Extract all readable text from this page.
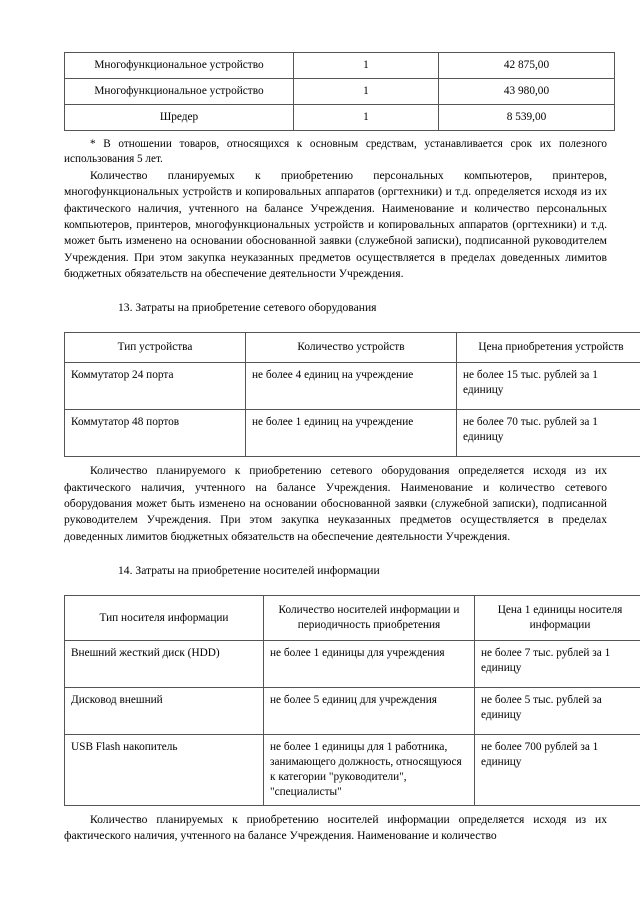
Многофункциональное устройство	1	42 875,00
Многофункциональное устройство	1	43 980,00
Шредер	1	8 539,00

* В отношении товаров, относящихся к основным средствам, устанавливается срок их полезного использования 5 лет.

Количество планируемых к приобретению персональных компьютеров, принтеров, многофункциональных устройств и копировальных аппаратов (оргтехники) и т.д. определяется исходя из их фактического наличия, учтенного на балансе Учреждения. Наименование и количество персональных компьютеров, принтеров, многофункциональных устройств и копировальных аппаратов (оргтехники) и т.д. может быть изменено на основании обоснованной заявки (служебной записки), подписанной руководителем Учреждения. При этом закупка неуказанных предметов осуществляется в пределах доведенных лимитов бюджетных обязательств на обеспечение деятельности Учреждения.

13. Затраты на приобретение сетевого оборудования
Тип устройства	Количество устройств	Цена приобретения устройств
Коммутатор 24 порта	не более 4 единиц на учреждение	не более 15 тыс. рублей за 1 единицу
Коммутатор 48 портов	не более 1 единиц на учреждение	не более 70 тыс. рублей за 1 единицу

Количество планируемого к приобретению сетевого оборудования определяется исходя из их фактического наличия, учтенного на балансе Учреждения. Наименование и количество сетевого оборудования может быть изменено на основании обоснованной заявки (служебной записки), подписанной руководителем Учреждения. При этом закупка неуказанных предметов осуществляется в пределах доведенных лимитов бюджетных обязательств на обеспечение деятельности Учреждения.

14. Затраты на приобретение носителей информации
Тип носителя информации	Количество носителей информации и периодичность приобретения	Цена 1 единицы носителя информации
Внешний жесткий диск (HDD)	не более 1 единицы для учреждения	не более 7 тыс. рублей за 1 единицу
Дисковод внешний	не более 5 единиц для учреждения	не более 5 тыс. рублей за единицу
USB Flash накопитель	не более 1 единицы для 1 работника, занимающего должность, относящуюся к категории "руководители", "специалисты"	не более 700 рублей за 1 единицу

Количество планируемых к приобретению носителей информации определяется исходя из их фактического наличия, учтенного на балансе Учреждения. Наименование и количество
